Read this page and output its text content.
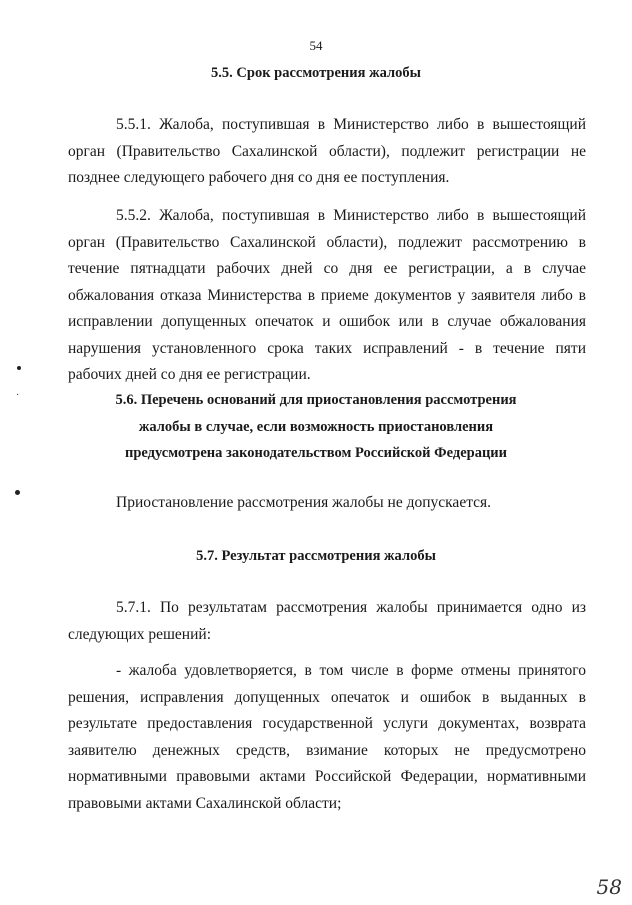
54
5.5. Срок рассмотрения жалобы

5.5.1. Жалоба, поступившая в Министерство либо в вышестоящий орган (Правительство Сахалинской области), подлежит регистрации не позднее следующего рабочего дня со дня ее поступления.

5.5.2. Жалоба, поступившая в Министерство либо в вышестоящий орган (Правительство Сахалинской области), подлежит рассмотрению в течение пятнадцати рабочих дней со дня ее регистрации, а в случае обжалования отказа Министерства в приеме документов у заявителя либо в исправлении допущенных опечаток и ошибок или в случае обжалования нарушения установленного срока таких исправлений - в течение пяти рабочих дней со дня ее регистрации.

5.6. Перечень оснований для приостановления рассмотрения
жалобы в случае, если возможность приостановления
предусмотрена законодательством Российской Федерации

Приостановление рассмотрения жалобы не допускается.

5.7. Результат рассмотрения жалобы

5.7.1. По результатам рассмотрения жалобы принимается одно из следующих решений:

- жалоба удовлетворяется, в том числе в форме отмены принятого решения, исправления допущенных опечаток и ошибок в выданных в результате предоставления государственной услуги документах, возврата заявителю денежных средств, взимание которых не предусмотрено нормативными правовыми актами Российской Федерации, нормативными правовыми актами Сахалинской области;

·
58
